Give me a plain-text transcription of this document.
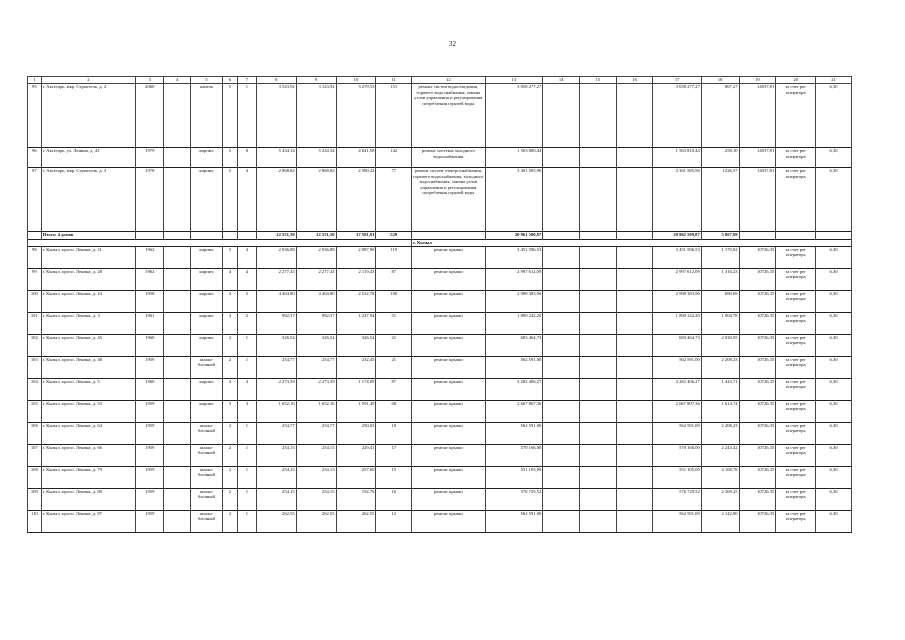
32
1	2	3	4	5	6	7	8	9	10	11	12	13	14	15	16	17	18	19	20	21
95	г. Аксетарь, мкр. Строитель, д. 2	2060		панель	5	1	3 523,92	3 123,92	3 279,53	151	ремонт систем водоотведения, горячего водоснабжения, замена узлов управления и регулирования потребления горячей воды	3 058 277,27				3 058 277,27	867,27	14037,81	за счет рег оператора	6,30
96	г. Аксетарь, ул. Ленина, д. 43	1979		кирпич	5	8	5 434,14	5 434,34	4 641,58	142	ремонт системы холодного водоснабжения	1 563 800,44				1 563 810,44	258,10	14037,81	за счет рег оператора	6,30
97	г. Аксетарь, мкр. Строитель, д. 3	1978		кирпич	5	4	2 868,82	2 868,82	2 580,22	77	ремонт систем электроснабжения, горячего водоснабжения, холодного водоснабжения, замена узлов управления и регулирования потребления горячей воды	3 361 585,96				3 361 585,96	1226,57	14037,81	за счет рег оператора	6,30
	Итого: 4 домов						22 551,59	22 551,50	17 581,91	529		20 961 500,87				20 962 509,87	5 867,09			
											г. Кызыл									
98	г. Кызыл, просп. Ленина, д. 31	1962		кирпич	5	4	2 936,88	2 936,88	2 887,90	119	ремонт крыши	3 451 596,53				3 451 596,53	1 170,92	10726,35	за счет рег оператора	6,30
99	г. Кызыл, просп. Ленина, д. 28	1962		кирпич	4	4	2 277,43	2 277,43	2 119,43	87	ремонт крыши	2 997 612,09				2 997 612,09	1 316,23	10726,35	за счет рег оператора	6,30
100	г. Кызыл, просп. Ленина, д. 24	1958		кирпич	4	5	4 404,80	4 404,80	2 532,78	100	ремонт крыши	2 998 383,96				2 998 383,96	680,69	10726,35	за счет рег оператора	6,30
101	г. Кызыл, просп. Ленина, д. 3	1961		кирпич	4	2	992,37	992,37	1 237,94	51	ремонт крыши	1 890 242,20				1 890 242,20	1 904,78	10726,35	за счет рег оператора	6,30
102	г. Кызыл, просп. Ленина, д. 45	1960		кирпич	2	1	326,54	326,54	326,54	21	ремонт крыши	683 464,73				683 464,73	2 030,95	10726,35	за счет рег оператора	6,30
103	г. Кызыл, просп. Ленина, д. 48	1959		шлако-блочный	2	1	254,77	254,77	232,45	21	ремонт крыши	562 591,00				562 591,00	2 208,23	10726,35	за счет рег оператора	6,30
104	г. Кызыл, просп. Ленина, д. 5	1960		кирпич	4	4	2 273,59	2 273,59	1 174,09	87	ремонт крыши	3 282 406,27				3 282 406,27	1 443,71	10726,35	за счет рег оператора	6,30
105	г. Кызыл, просп. Ленина, д. 53	1959		кирпич	3	3	1 652,16	1 652,16	1 591,49	68	ремонт крыши	2 667 807,36				2 667 807,36	1 614,74	10726,35	за счет рег оператора	6,30
106	г. Кызыл, просп. Ленина, д. 64	1959		шлако-блочный	2	1	254,77	254,77	250,03	18	ремонт крыши	562 591,00				562 591,00	2 208,23	10726,35	за счет рег оператора	6,30
107	г. Кызыл, просп. Ленина, д. 66	1959		шлако-блочный	2	1	254,15	254,15	229,41	17	ремонт крыши	570 166,00				570 166,00	2 243,42	10726,35	за счет рег оператора	6,30
108	г. Кызыл, просп. Ленина, д. 79	1959		шлако-блочный	2	1	254,15	254,15	257,60	15	ремонт крыши	551 105,09				551 105,09	2 168,78	10726,35	за счет рег оператора	6,30
109	г. Кызыл, просп. Ленина, д. 80	1959		шлако-блочный	2	1	254,15	254,15	192,76	16	ремонт крыши	576 729,52				576 729,52	2 269,25	10726,35	за счет рег оператора	6,30
110	г. Кызыл, просп. Ленина, д. 87	1959		шлако-блочный	2	1	262,55	262,55	262,55	12	ремонт крыши	562 591,00				562 591,00	2 142,80	10726,35	за счет рег оператора	6,30
